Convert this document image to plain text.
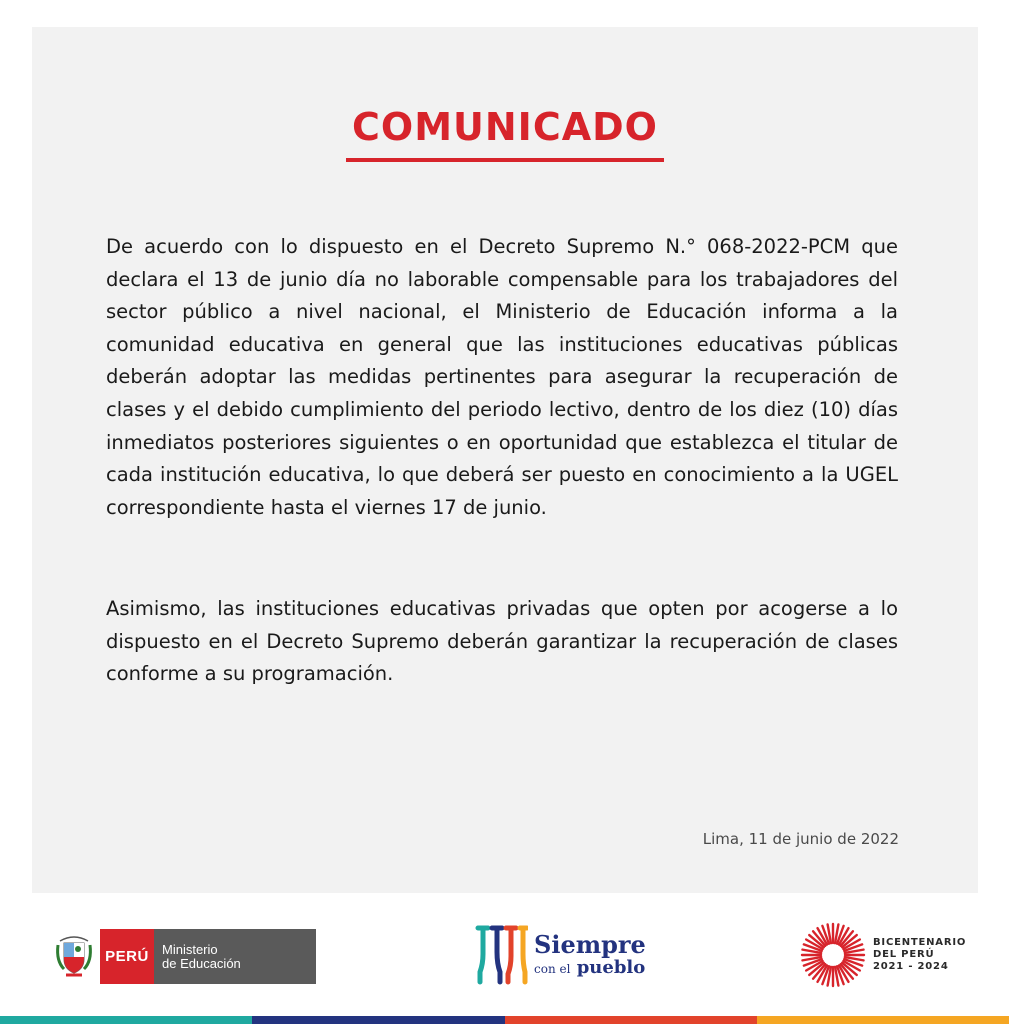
COMUNICADO

De acuerdo con lo dispuesto en el Decreto Supremo N.° 068-2022-PCM que declara el 13 de junio día no laborable compensable para los trabajadores del sector público a nivel nacional, el Ministerio de Educación informa a la comunidad educativa en general que las instituciones educativas públicas deberán adoptar las medidas pertinentes para asegurar la recuperación de clases y el debido cumplimiento del periodo lectivo, dentro de los diez (10) días inmediatos posteriores siguientes o en oportunidad que establezca el titular de cada institución educativa, lo que deberá ser puesto en conocimiento a la UGEL correspondiente hasta el viernes 17 de junio.

Asimismo, las instituciones educativas privadas que opten por acogerse a lo dispuesto en el Decreto Supremo deberán garantizar la recuperación de clases conforme a su programación.

Lima, 11 de junio de 2022
PERÚ	Ministerio
de Educación
Siempre
con el pueblo
BICENTENARIO
DEL PERÚ
2021 - 2024
